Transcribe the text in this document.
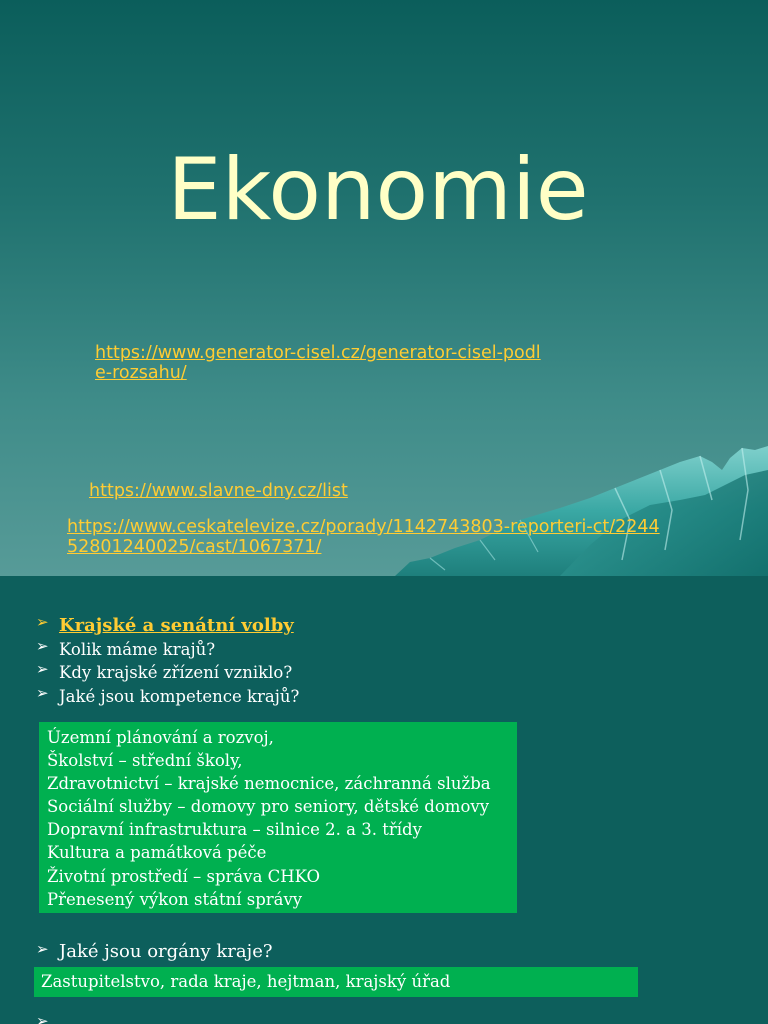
Ekonomie
https://www.generator-cisel.cz/generator-cisel-podl
e-rozsahu/
https://www.slavne-dny.cz/list
https://www.ceskatelevize.cz/porady/1142743803-reporteri-ct/2244
52801240025/cast/1067371/
➢ Krajské a senátní volby
➢ Kolik máme krajů?
➢ Kdy krajské zřízení vzniklo?
➢ Jaké jsou kompetence krajů?
Územní plánování a rozvoj,
Školství – střední školy,
Zdravotnictví – krajské nemocnice, záchranná služba
Sociální služby – domovy pro seniory, dětské domovy
Dopravní infrastruktura – silnice 2. a 3. třídy
Kultura a památková péče
Životní prostředí – správa CHKO
Přenesený výkon státní správy
➢ Jaké jsou orgány kraje?
Zastupitelstvo, rada kraje, hejtman, krajský úřad
➢
